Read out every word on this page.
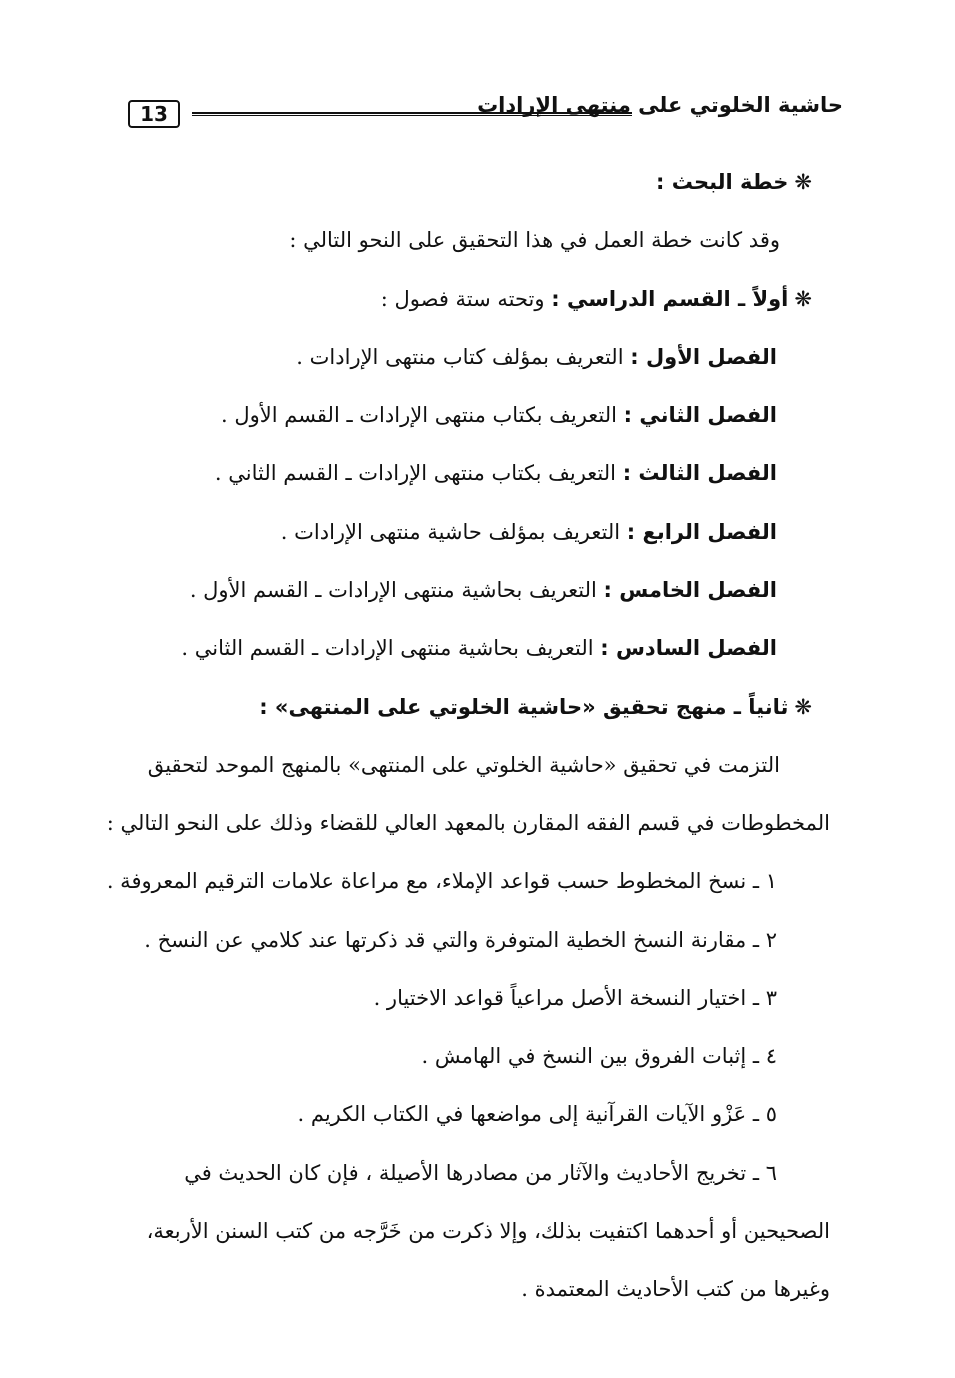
13	حاشية الخلوتي على منتهى الإرادات
❋خطة البحث :
وقد كانت خطة العمل في هذا التحقيق على النحو التالي :
❋أولاً ـ القسم الدراسي : وتحته ستة فصول :
الفصل الأول : التعريف بمؤلف كتاب منتهى الإرادات .
الفصل الثاني : التعريف بكتاب منتهى الإرادات ـ القسم الأول .
الفصل الثالث : التعريف بكتاب منتهى الإرادات ـ القسم الثاني .
الفصل الرابع : التعريف بمؤلف حاشية منتهى الإرادات .
الفصل الخامس : التعريف بحاشية منتهى الإرادات ـ القسم الأول .
الفصل السادس : التعريف بحاشية منتهى الإرادات ـ القسم الثاني .
❋ثانياً ـ منهج تحقيق «حاشية الخلوتي على المنتهى» :
التزمت في تحقيق «حاشية الخلوتي على المنتهى» بالمنهج الموحد لتحقيق
المخطوطات في قسم الفقه المقارن بالمعهد العالي للقضاء وذلك على النحو التالي :
١ ـ نسخ المخطوط حسب قواعد الإملاء، مع مراعاة علامات الترقيم المعروفة .
٢ ـ مقارنة النسخ الخطية المتوفرة والتي قد ذكرتها عند كلامي عن النسخ .
٣ ـ اختيار النسخة الأصل مراعياً قواعد الاختيار .
٤ ـ إثبات الفروق بين النسخ في الهامش .
٥ ـ عَزْو الآيات القرآنية إلى مواضعها في الكتاب الكريم .
٦ ـ تخريج الأحاديث والآثار من مصادرها الأصيلة ، فإن كان الحديث في
الصحيحين أو أحدهما اكتفيت بذلك، وإلا ذكرت من خَرَّجه من كتب السنن الأربعة،
وغيرها من كتب الأحاديث المعتمدة .
